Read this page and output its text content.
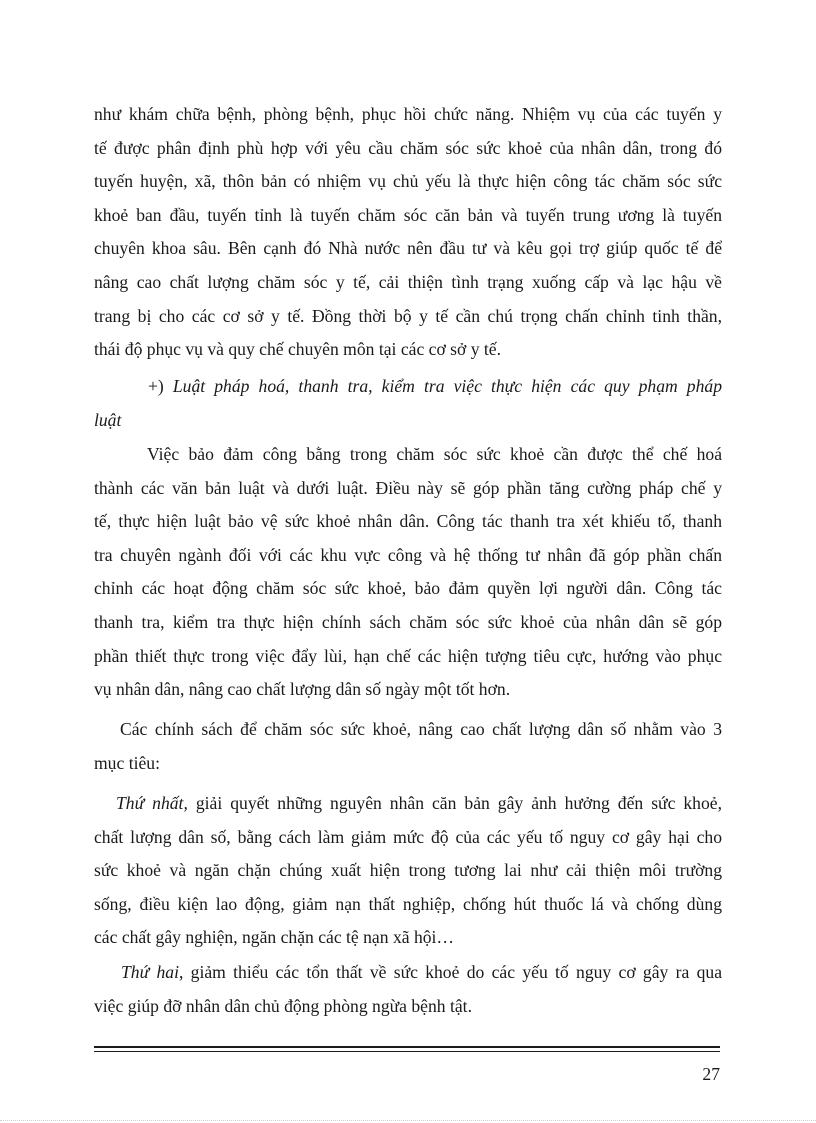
như khám chữa bệnh, phòng bệnh, phục hồi chức năng. Nhiệm vụ của các tuyến y
tế được phân định phù hợp với yêu cầu chăm sóc sức khoẻ của nhân dân, trong đó
tuyến huyện, xã, thôn bản có nhiệm vụ chủ yếu là thực hiện công tác chăm sóc sức
khoẻ ban đầu, tuyến tỉnh là tuyến chăm sóc căn bản và tuyến trung ương là tuyến
chuyên khoa sâu. Bên cạnh đó Nhà nước nên đầu tư và kêu gọi trợ giúp quốc tế để
nâng cao chất lượng chăm sóc y tế, cải thiện tình trạng xuống cấp và lạc hậu về
trang bị cho các cơ sở y tế. Đồng thời bộ y tế cần chú trọng chấn chỉnh tinh thần,
thái độ phục vụ và quy chế chuyên môn tại các cơ sở y tế.
+) Luật pháp hoá, thanh tra, kiểm tra việc thực hiện các quy phạm pháp
luật
Việc bảo đảm công bằng trong chăm sóc sức khoẻ cần được thể chế hoá
thành các văn bản luật và dưới luật. Điều này sẽ góp phần tăng cường pháp chế y
tế, thực hiện luật bảo vệ sức khoẻ nhân dân. Công tác thanh tra xét khiếu tố, thanh
tra chuyên ngành đối với các khu vực công và hệ thống tư nhân đã góp phần chấn
chỉnh các hoạt động chăm sóc sức khoẻ, bảo đảm quyền lợi người dân. Công tác
thanh tra, kiểm tra thực hiện chính sách chăm sóc sức khoẻ của nhân dân sẽ góp
phần thiết thực trong việc đẩy lùi, hạn chế các hiện tượng tiêu cực, hướng vào phục
vụ nhân dân, nâng cao chất lượng dân số ngày một tốt hơn.
Các chính sách để chăm sóc sức khoẻ, nâng cao chất lượng dân số nhằm vào 3
mục tiêu:
Thứ nhất, giải quyết những nguyên nhân căn bản gây ảnh hưởng đến sức khoẻ,
chất lượng dân số, bằng cách làm giảm mức độ của các yếu tố nguy cơ gây hại cho
sức khoẻ và ngăn chặn chúng xuất hiện trong tương lai như cải thiện môi trường
sống, điều kiện lao động, giảm nạn thất nghiệp, chống hút thuốc lá và chống dùng
các chất gây nghiện, ngăn chặn các tệ nạn xã hội…
Thứ hai, giảm thiểu các tổn thất về sức khoẻ do các yếu tố nguy cơ gây ra qua
việc giúp đỡ nhân dân chủ động phòng ngừa bệnh tật.
27
